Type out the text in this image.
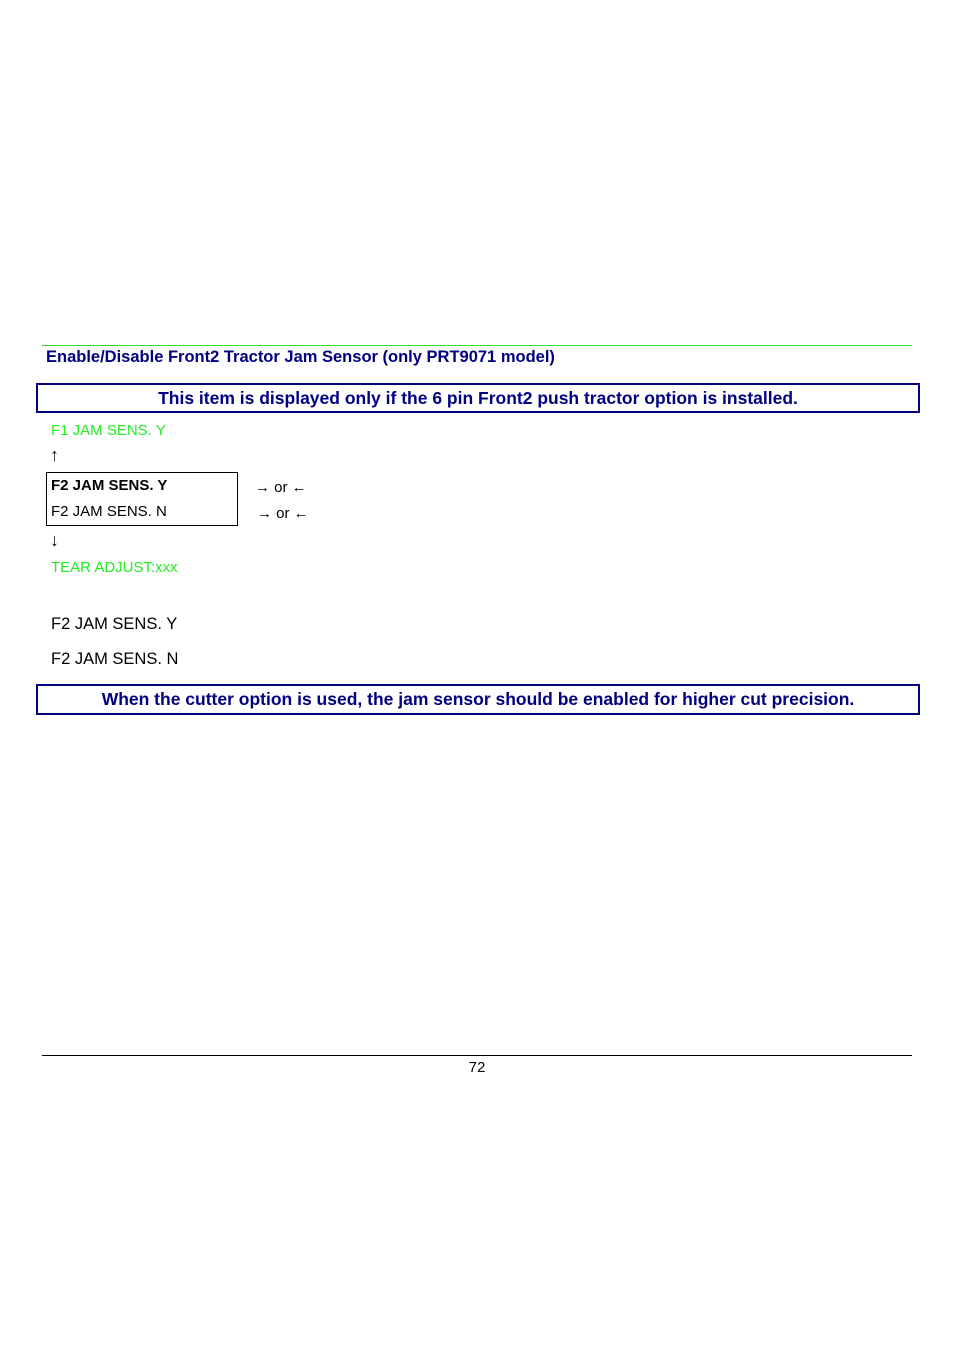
Enable/Disable Front2 Tractor Jam Sensor (only PRT9071 model)
This item is displayed only if the 6 pin Front2 push tractor option is installed.
F1 JAM SENS. Y
↑
F2 JAM SENS. Y
F2 JAM SENS. N
→ or ←
→ or ←
↓
TEAR ADJUST:xxx
F2 JAM SENS. Y
F2 JAM SENS. N
When the cutter option is used, the jam sensor should be enabled for higher cut precision.
72
